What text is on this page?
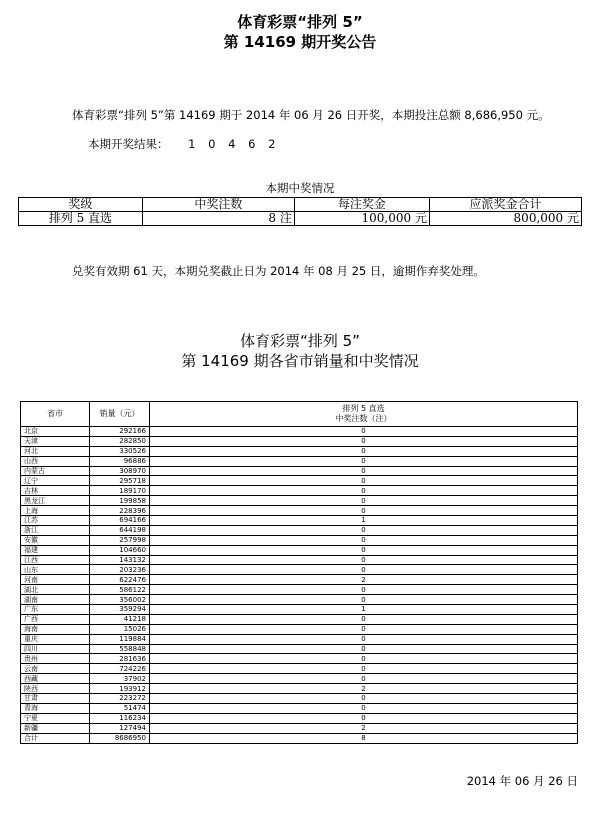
体育彩票“排列 5”
第 14169 期开奖公告
体育彩票“排列 5”第 14169 期于 2014 年 06 月 26 日开奖，本期投注总额 8,686,950 元。
本期开奖结果： 1 0 4 6 2
本期中奖情况
奖级	中奖注数	每注奖金	应派奖金合计
排列 5 直选	8 注	100,000 元	800,000 元
兑奖有效期 61 天，本期兑奖截止日为 2014 年 08 月 25 日，逾期作弃奖处理。
体育彩票“排列 5”
第 14169 期各省市销量和中奖情况
省市	销量（元）	排列 5 直选
中奖注数（注）

北京	292166	0
天津	282850	0
河北	330526	0
山西	96886	0
内蒙古	308970	0
辽宁	295718	0
吉林	189170	0
黑龙江	199858	0
上海	228396	0
江苏	694166	1
浙江	644198	0
安徽	257998	0
福建	104660	0
江西	143132	0
山东	203236	0
河南	622476	2
湖北	586122	0
湖南	356002	0
广东	359294	1
广西	41218	0
海南	15026	0
重庆	119884	0
四川	558848	0
贵州	281636	0
云南	724226	0
西藏	37902	0
陕西	193912	2
甘肃	223272	0
青海	51474	0
宁夏	116234	0
新疆	127494	2
合计	8686950	8
2014 年 06 月 26 日
